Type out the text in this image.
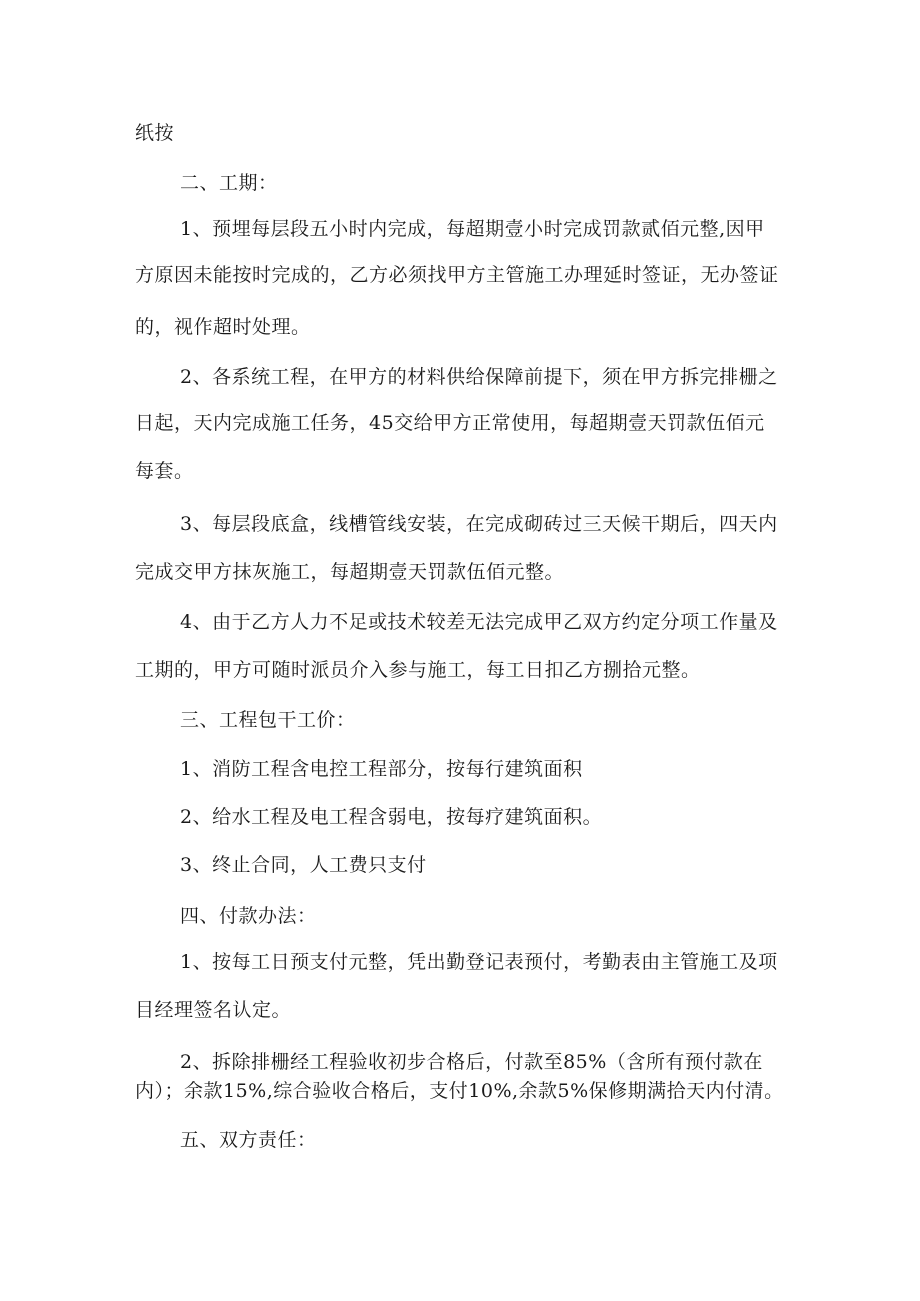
纸按
二、工期：
1、预埋每层段五小时内完成，每超期壹小时完成罚款贰佰元整,因甲
方原因未能按时完成的，乙方必须找甲方主管施工办理延时签证，无办签证
的，视作超时处理。
2、各系统工程，在甲方的材料供给保障前提下，须在甲方拆完排栅之
日起，天内完成施工任务，45交给甲方正常使用，每超期壹天罚款伍佰元
每套。
3、每层段底盒，线槽管线安装，在完成砌砖过三天候干期后，四天内
完成交甲方抹灰施工，每超期壹天罚款伍佰元整。
4、由于乙方人力不足或技术较差无法完成甲乙双方约定分项工作量及
工期的，甲方可随时派员介入参与施工，每工日扣乙方捌拾元整。
三、工程包干工价：
1、消防工程含电控工程部分，按每行建筑面积
2、给水工程及电工程含弱电，按每疗建筑面积。
3、终止合同，人工费只支付
四、付款办法：
1、按每工日预支付元整，凭出勤登记表预付，考勤表由主管施工及项
目经理签名认定。
2、拆除排栅经工程验收初步合格后，付款至85%（含所有预付款在
内）；余款15%,综合验收合格后，支付10%,余款5%保修期满拾天内付清。
五、双方责任：
